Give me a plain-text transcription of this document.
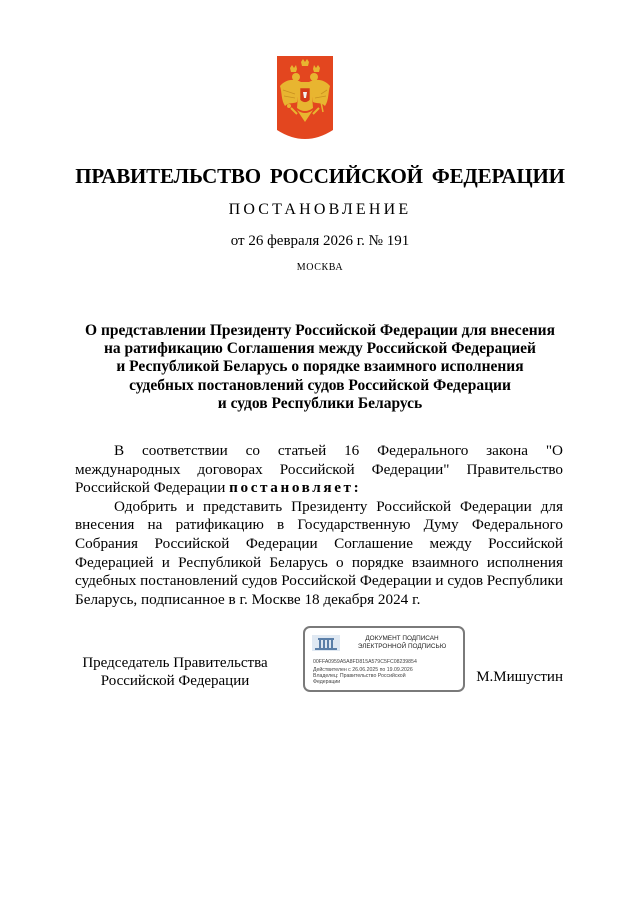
ПРАВИТЕЛЬСТВО РОССИЙСКОЙ ФЕДЕРАЦИИ
ПОСТАНОВЛЕНИЕ
от 26 февраля 2026 г. № 191
МОСКВА
О представлении Президенту Российской Федерации для внесения
на ратификацию Соглашения между Российской Федерацией
и Республикой Беларусь о порядке взаимного исполнения
судебных постановлений судов Российской Федерации
и судов Республики Беларусь

В соответствии со статьей 16 Федерального закона "О международных договорах Российской Федерации" Правительство Российской Федерации постановляет:

Одобрить и представить Президенту Российской Федерации для внесения на ратификацию в Государственную Думу Федерального Собрания Российской Федерации Соглашение между Российской Федерацией и Республикой Беларусь о порядке взаимного исполнения судебных постановлений судов Российской Федерации и судов Республики Беларусь, подписанное в г. Москве 18 декабря 2024 г.

Председатель Правительства
Российской Федерации
ДОКУМЕНТ ПОДПИСАН
ЭЛЕКТРОННОЙ ПОДПИСЬЮ
00FFA0959A5A8FD815A579C5FC08239854
Действителен с 26.06.2025 по 19.09.2026
Владелец: Правительство Российской
Федерации	М.Мишустин
